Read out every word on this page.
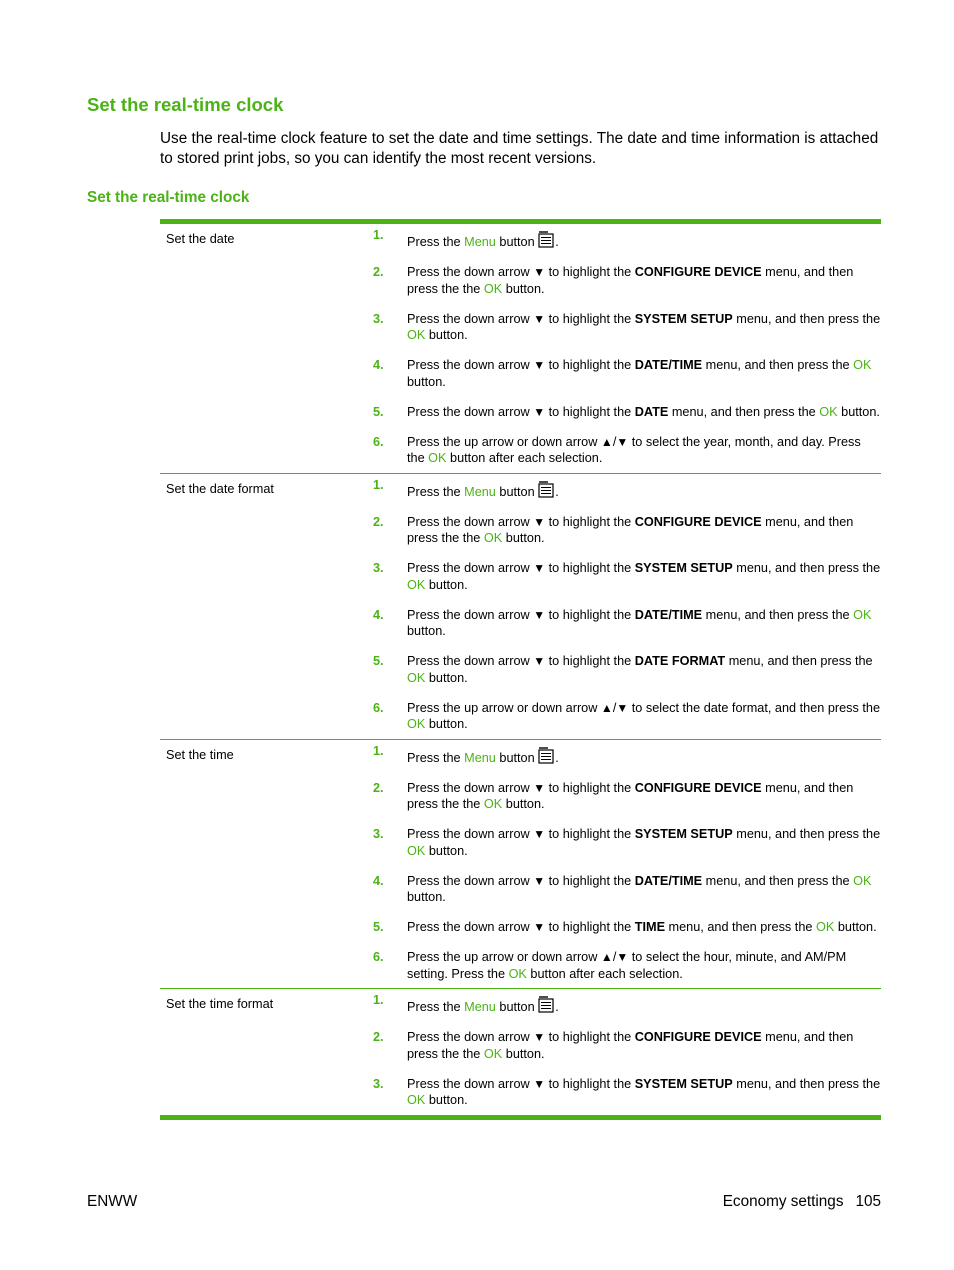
Set the real-time clock

Use the real-time clock feature to set the date and time settings. The date and time information is attached to stored print jobs, so you can identify the most recent versions.

Set the real-time clock
Set the date	1.	Press the Menu button .
2.	Press the down arrow ▼ to highlight the CONFIGURE DEVICE menu, and then press the the OK button.
3.	Press the down arrow ▼ to highlight the SYSTEM SETUP menu, and then press the OK button.
4.	Press the down arrow ▼ to highlight the DATE/TIME menu, and then press the OK button.
5.	Press the down arrow ▼ to highlight the DATE menu, and then press the OK button.
6.	Press the up arrow or down arrow ▲/▼ to select the year, month, and day. Press the OK button after each selection.
Set the date format	1.	Press the Menu button .
2.	Press the down arrow ▼ to highlight the CONFIGURE DEVICE menu, and then press the the OK button.
3.	Press the down arrow ▼ to highlight the SYSTEM SETUP menu, and then press the OK button.
4.	Press the down arrow ▼ to highlight the DATE/TIME menu, and then press the OK button.
5.	Press the down arrow ▼ to highlight the DATE FORMAT menu, and then press the OK button.
6.	Press the up arrow or down arrow ▲/▼ to select the date format, and then press the OK button.
Set the time	1.	Press the Menu button .
2.	Press the down arrow ▼ to highlight the CONFIGURE DEVICE menu, and then press the the OK button.
3.	Press the down arrow ▼ to highlight the SYSTEM SETUP menu, and then press the OK button.
4.	Press the down arrow ▼ to highlight the DATE/TIME menu, and then press the OK button.
5.	Press the down arrow ▼ to highlight the TIME menu, and then press the OK button.
6.	Press the up arrow or down arrow ▲/▼ to select the hour, minute, and AM/PM setting. Press the OK button after each selection.
Set the time format	1.	Press the Menu button .
2.	Press the down arrow ▼ to highlight the CONFIGURE DEVICE menu, and then press the the OK button.
3.	Press the down arrow ▼ to highlight the SYSTEM SETUP menu, and then press the OK button.
ENWW	Economy settings 105
